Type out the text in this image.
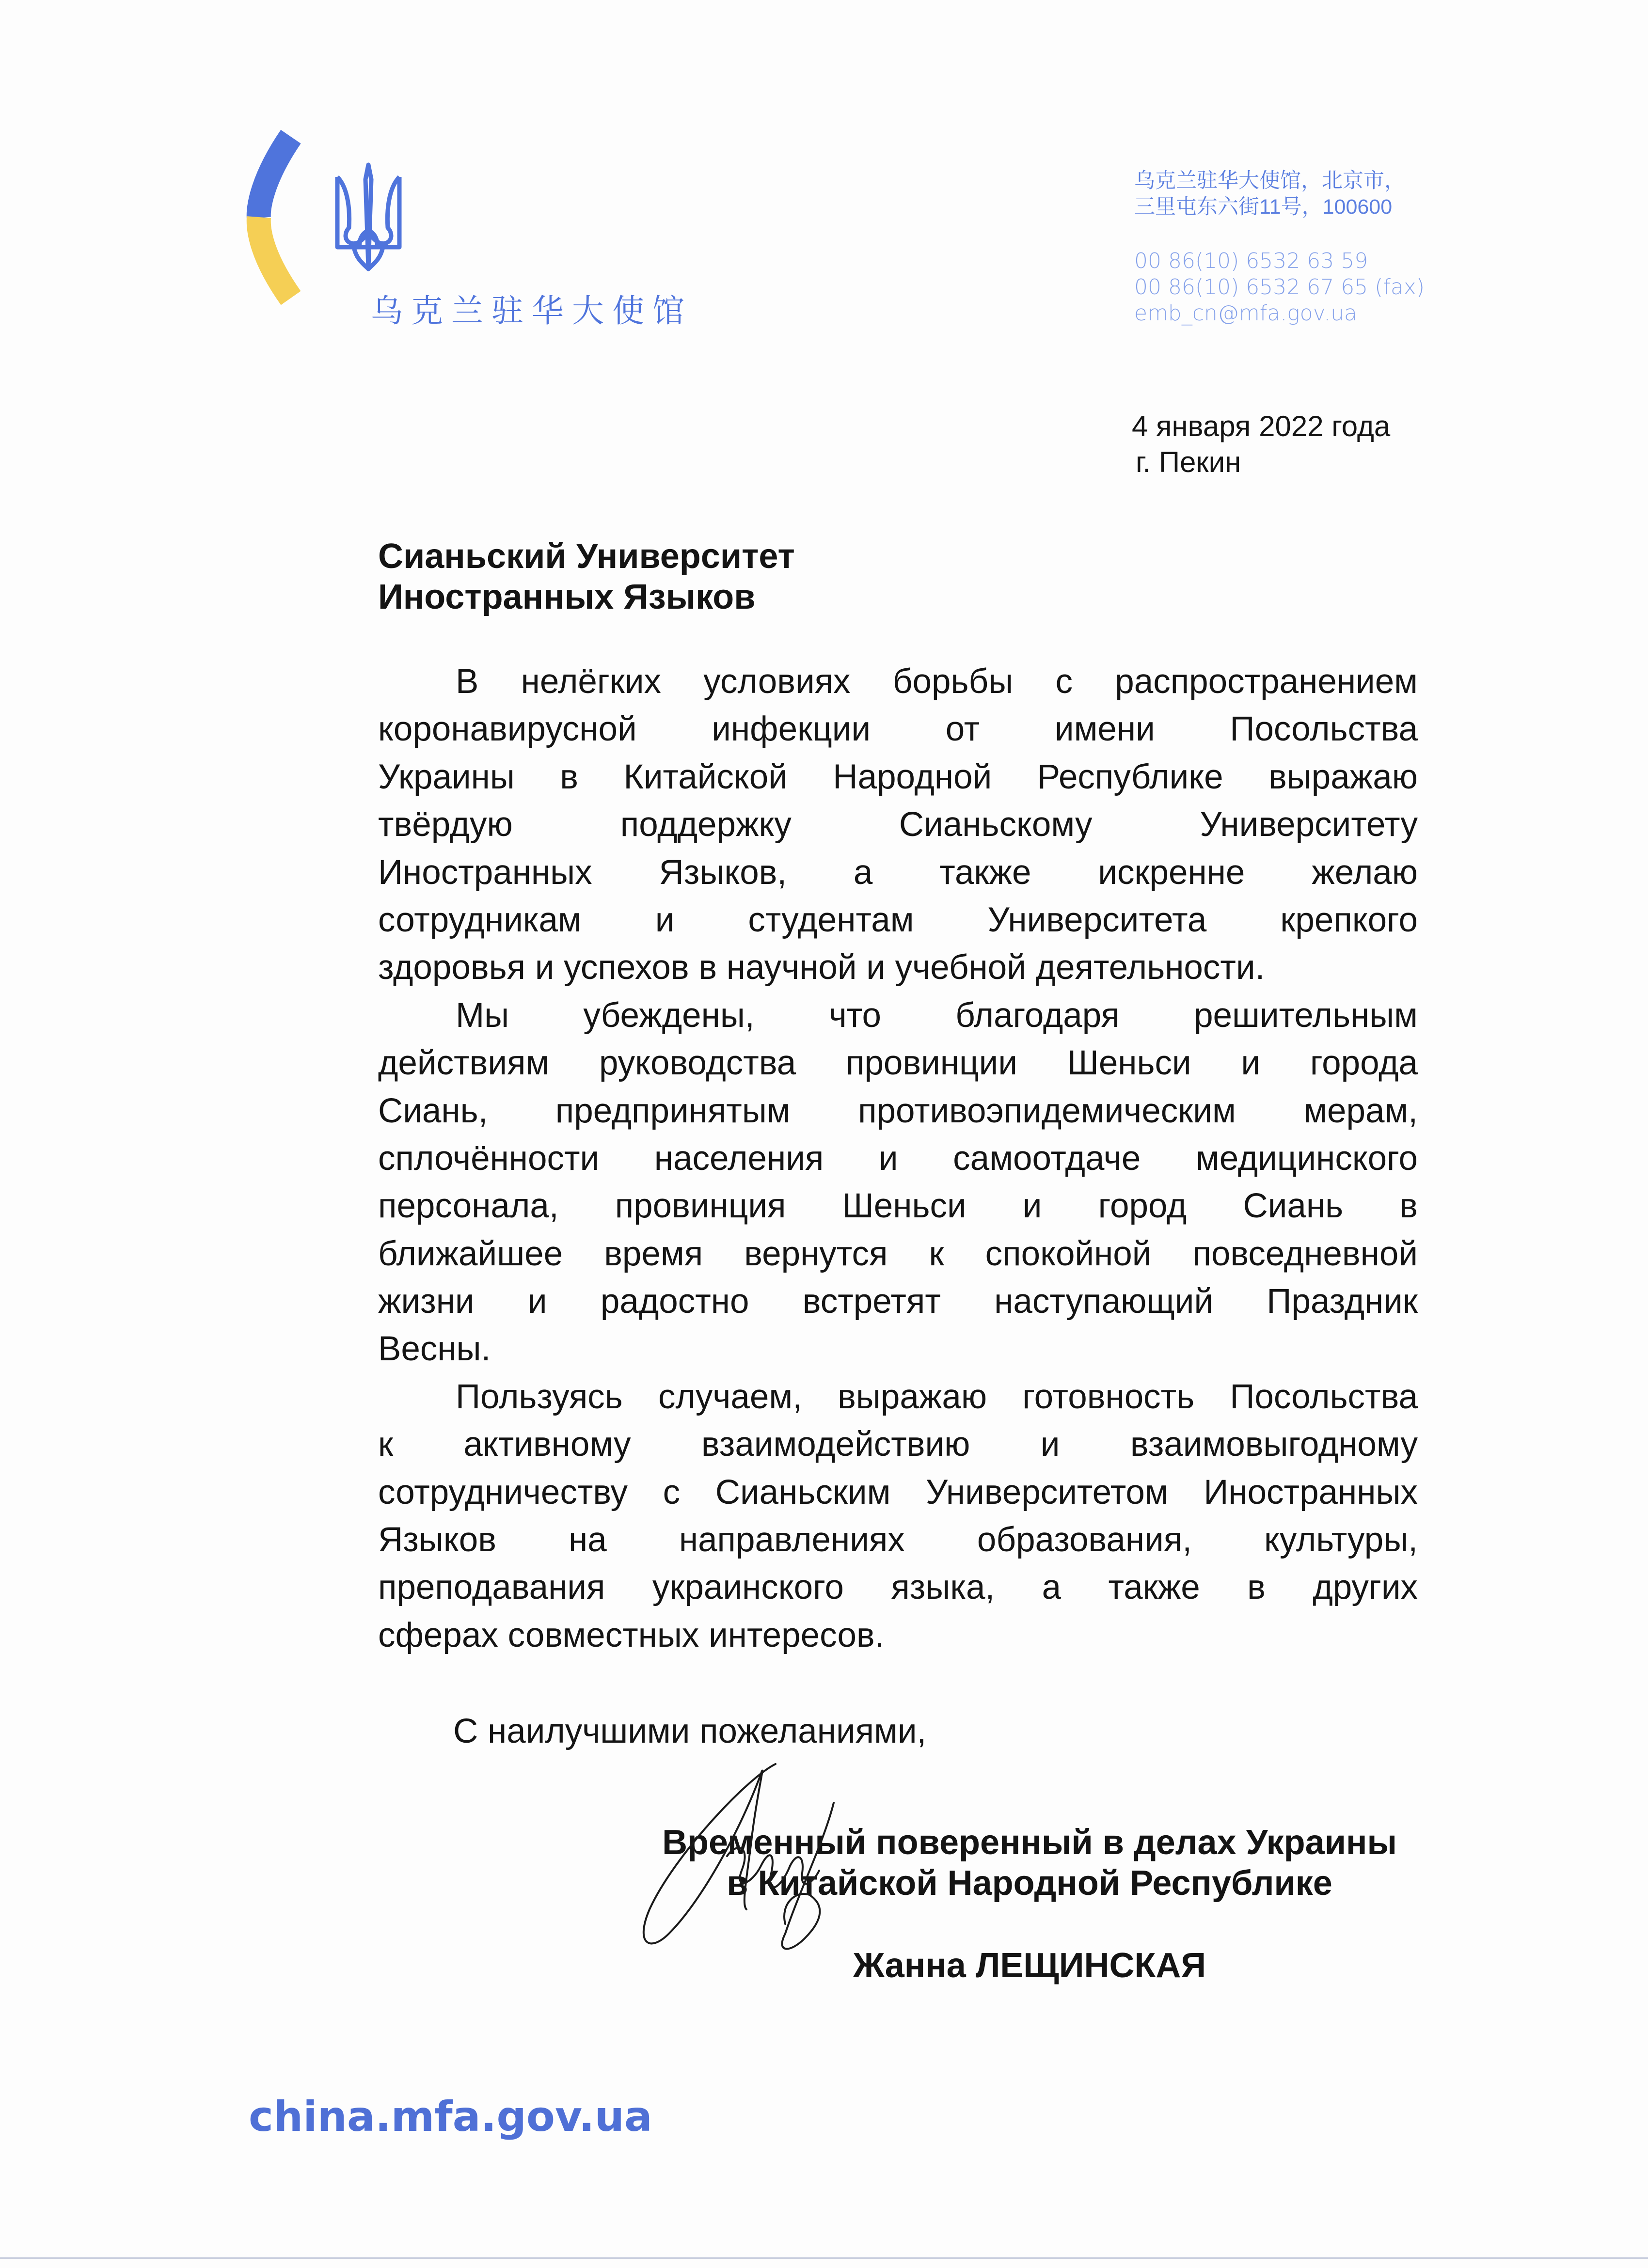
乌克兰驻华大使馆
乌克兰驻华大使馆，北京市，
三里屯东六街11号，100600
00 86(10) 6532 63 59
00 86(10) 6532 67 65 (fax)
emb_cn@mfa.gov.ua
4 января 2022 года
г. Пекин
Сианьский Университет
Иностранных Языков
В нелёгких условиях борьбы с распространением
коронавирусной инфекции от имени Посольства
Украины в Китайской Народной Республике выражаю
твёрдую поддержку Сианьскому Университету
Иностранных Языков, а также искренне желаю
сотрудникам и студентам Университета крепкого
здоровья и успехов в научной и учебной деятельности.
Мы убеждены, что благодаря решительным
действиям руководства провинции Шеньси и города
Сиань, предпринятым противоэпидемическим мерам,
сплочённости населения и самоотдаче медицинского
персонала, провинция Шеньси и город Сиань в
ближайшее время вернутся к спокойной повседневной
жизни и радостно встретят наступающий Праздник
Весны.
Пользуясь случаем, выражаю готовность Посольства
к активному взаимодействию и взаимовыгодному
сотрудничеству с Сианьским Университетом Иностранных
Языков на направлениях образования, культуры,
преподавания украинского языка, а также в других
сферах совместных интересов.
С наилучшими пожеланиями,
Временный поверенный в делах Украины
в Китайской Народной Республике
Жанна ЛЕЩИНСКАЯ
china.mfa.gov.ua
